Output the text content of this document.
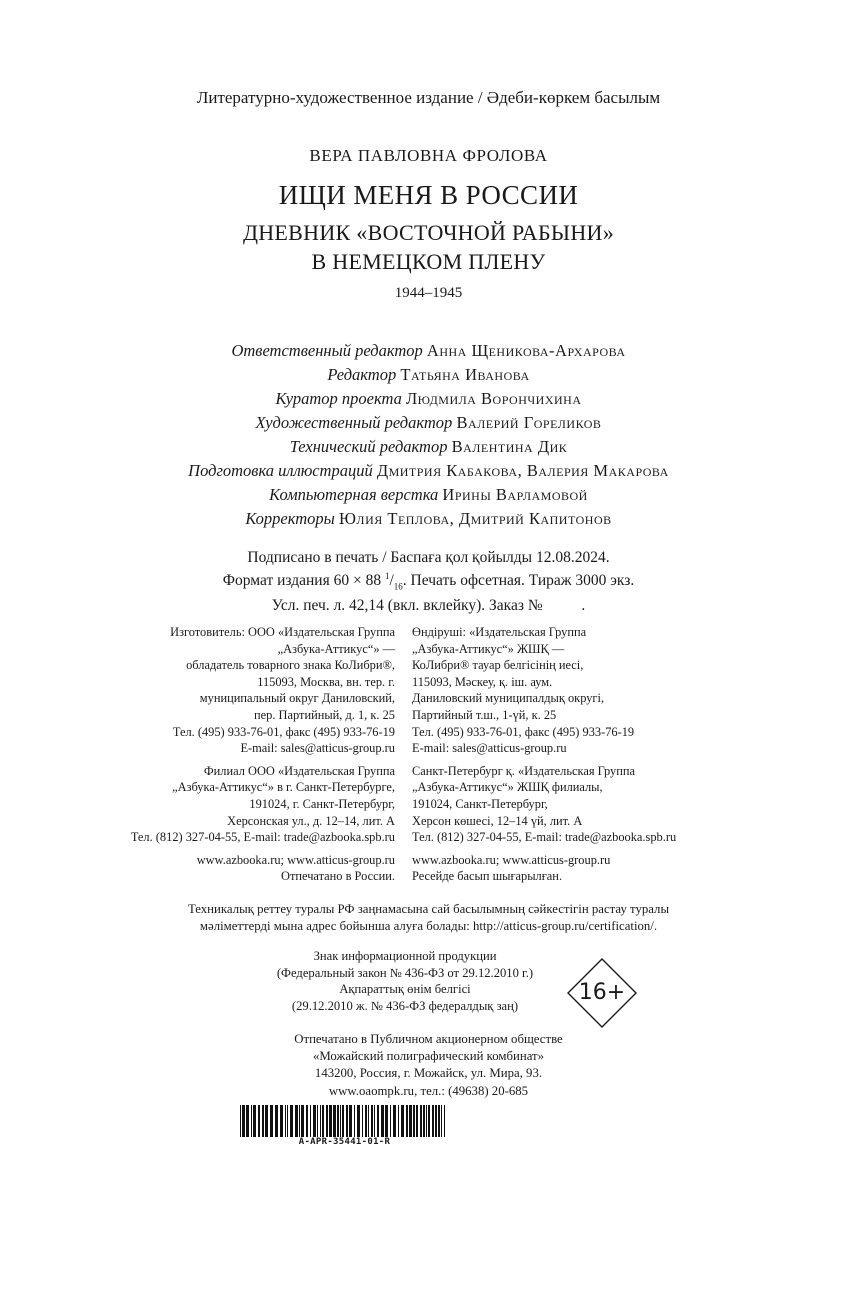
Литературно-художественное издание / Әдеби-көркем басылым
ВЕРА ПАВЛОВНА ФРОЛОВА
ИЩИ МЕНЯ В РОССИИ
ДНЕВНИК «ВОСТОЧНОЙ РАБЫНИ»
В НЕМЕЦКОМ ПЛЕНУ
1944–1945
Ответственный редактор Анна Щеникова-Архарова
Редактор Татьяна Иванова
Куратор проекта Людмила Ворончихина
Художественный редактор Валерий Гореликов
Технический редактор Валентина Дик
Подготовка иллюстраций Дмитрия Кабакова, Валерия Макарова
Компьютерная верстка Ирины Варламовой
Корректоры Юлия Теплова, Дмитрий Капитонов
Подписано в печать / Баспаға қол қойылды 12.08.2024.
Формат издания 60 × 88 $^1/_{16}$. Печать офсетная. Тираж 3000 экз.
Усл. печ. л. 42,14 (вкл. вклейку). Заказ №          .
Изготовитель: ООО «Издательская Группа
„Азбука-Аттикус“» —
обладатель товарного знака КоЛибри®,
115093, Москва, вн. тер. г.
муниципальный округ Даниловский,
пер. Партийный, д. 1, к. 25
Тел. (495) 933-76-01, факс (495) 933-76-19
E-mail: sales@atticus-group.ru
Филиал ООО «Издательская Группа
„Азбука-Аттикус“» в г. Санкт-Петербурге,
191024, г. Санкт-Петербург,
Херсонская ул., д. 12–14, лит. А
Тел. (812) 327-04-55, E-mail: trade@azbooka.spb.ru
www.azbooka.ru; www.atticus-group.ru
Отпечатано в России.
Өндіруші: «Издательская Группа
„Азбука-Аттикус“» ЖШҚ —
КоЛибри® тауар белгісінің иесі,
115093, Мәскеу, қ. іш. аум.
Даниловский муниципалдық округі,
Партийный т.ш., 1-үй, к. 25
Тел. (495) 933-76-01, факс (495) 933-76-19
E-mail: sales@atticus-group.ru
Санкт-Петербург қ. «Издательская Группа
„Азбука-Аттикус“» ЖШҚ филиалы,
191024, Санкт-Петербург,
Херсон көшесі, 12–14 үй, лит. А
Тел. (812) 327-04-55, E-mail: trade@azbooka.spb.ru
www.azbooka.ru; www.atticus-group.ru
Ресейде басып шығарылған.
Техникалық реттеу туралы РФ заңнамасына сай басылымның сәйкестігін растау туралы
мәліметтерді мына адрес бойынша алуға болады: http://atticus-group.ru/certification/.
Знак информационной продукции
(Федеральный закон № 436-ФЗ от 29.12.2010 г.)
Ақпараттық өнім белгісі
(29.12.2010 ж. № 436-ФЗ федералдық заң)
16+
Отпечатано в Публичном акционерном обществе
«Можайский полиграфический комбинат»
143200, Россия, г. Можайск, ул. Мира, 93.
www.oaompk.ru, тел.: (49638) 20-685
A-APR-35441-01-R
